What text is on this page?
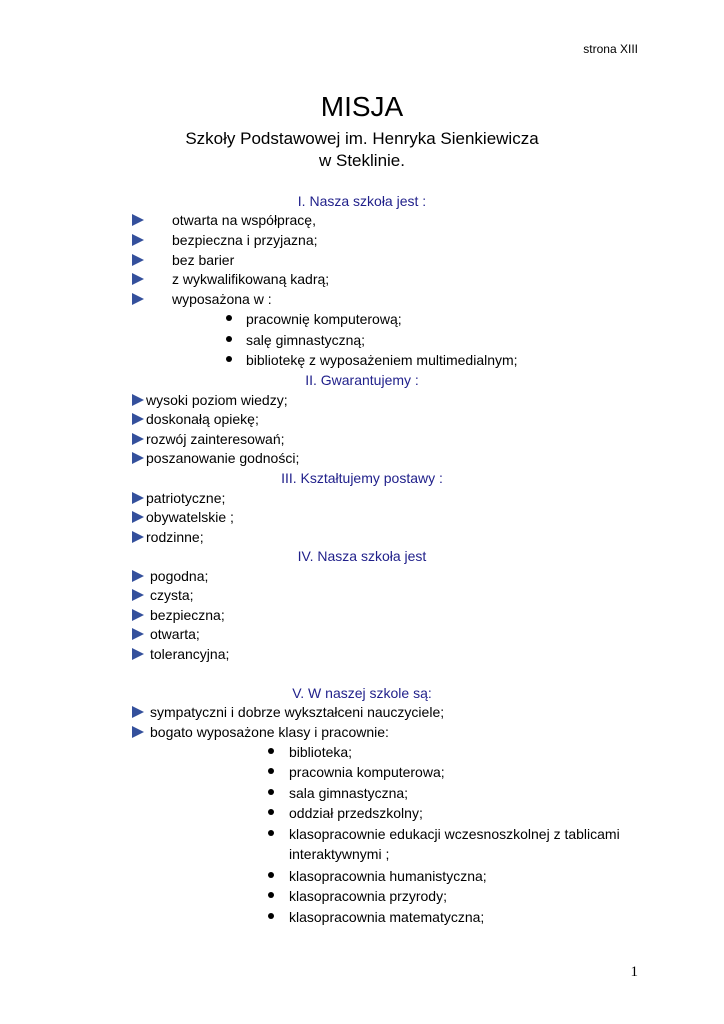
strona XIII
MISJA
Szkoły Podstawowej im. Henryka Sienkiewicza
w Steklinie.
I. Nasza szkoła jest :
otwarta na współpracę,
bezpieczna i przyjazna;
bez barier
z wykwalifikowaną kadrą;
wyposażona w :
pracownię komputerową;
salę gimnastyczną;
bibliotekę z wyposażeniem multimedialnym;
II. Gwarantujemy :
wysoki poziom wiedzy;
doskonałą opiekę;
rozwój zainteresowań;
poszanowanie godności;
III. Kształtujemy postawy :
patriotyczne;
obywatelskie ;
rodzinne;
IV. Nasza szkoła jest
pogodna;
czysta;
bezpieczna;
otwarta;
tolerancyjna;
V. W naszej szkole są:
sympatyczni i dobrze wykształceni nauczyciele;
bogato wyposażone klasy i pracownie:
biblioteka;
pracownia komputerowa;
sala gimnastyczna;
oddział przedszkolny;
klasopracownie edukacji wczesnoszkolnej z tablicami
interaktywnymi ;
klasopracownia humanistyczna;
klasopracownia przyrody;
klasopracownia matematyczna;
1
